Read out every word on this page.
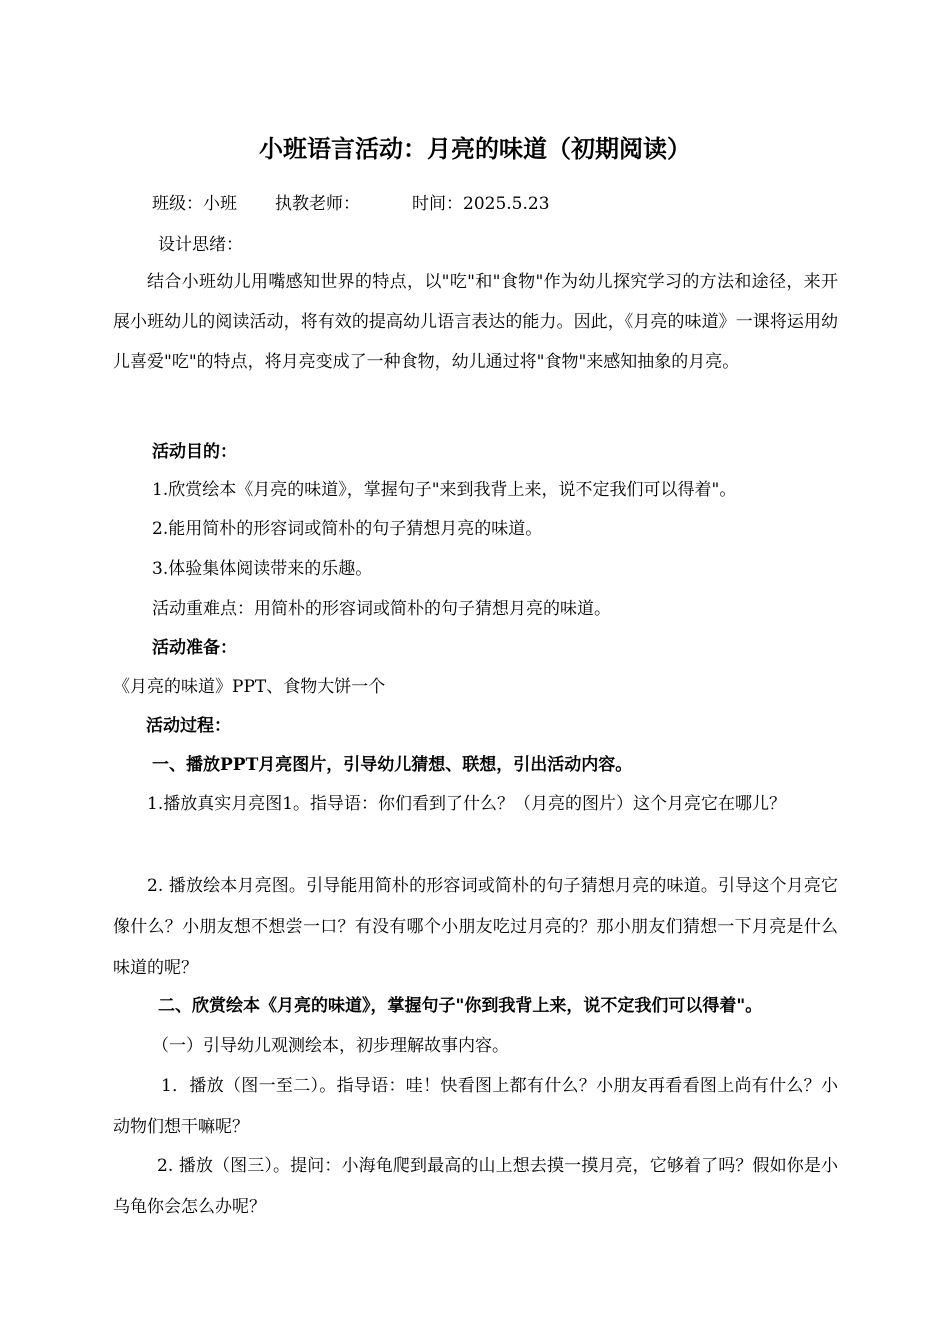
小班语言活动：月亮的味道（初期阅读）
班级：小班 执教老师：	时间：2025.5.23
设计思绪：
结合小班幼儿用嘴感知世界的特点，以"吃"和"食物"作为幼儿探究学习的方法和途径，来开展小班幼儿的阅读活动，将有效的提高幼儿语言表达的能力。因此，《月亮的味道》一课将运用幼儿喜爱"吃"的特点，将月亮变成了一种食物，幼儿通过将"食物"来感知抽象的月亮。
活动目的：
1.欣赏绘本《月亮的味道》，掌握句子"来到我背上来，说不定我们可以得着"。
2.能用简朴的形容词或简朴的句子猜想月亮的味道。
3.体验集体阅读带来的乐趣。
活动重难点：用简朴的形容词或简朴的句子猜想月亮的味道。
活动准备：
《月亮的味道》PPT、食物大饼一个
活动过程：
一、播放PPT月亮图片，引导幼儿猜想、联想，引出活动内容。
1.播放真实月亮图1。指导语：你们看到了什么？（月亮的图片）这个月亮它在哪儿？
2. 播放绘本月亮图。引导能用简朴的形容词或简朴的句子猜想月亮的味道。引导这个月亮它像什么？小朋友想不想尝一口？有没有哪个小朋友吃过月亮的？那小朋友们猜想一下月亮是什么味道的呢？
二、欣赏绘本《月亮的味道》，掌握句子"你到我背上来，说不定我们可以得着"。
（一）引导幼儿观测绘本，初步理解故事内容。
1．播放（图一至二）。指导语：哇！快看图上都有什么？小朋友再看看图上尚有什么？小动物们想干嘛呢？
2. 播放（图三）。提问：小海龟爬到最高的山上想去摸一摸月亮，它够着了吗？假如你是小乌龟你会怎么办呢？
